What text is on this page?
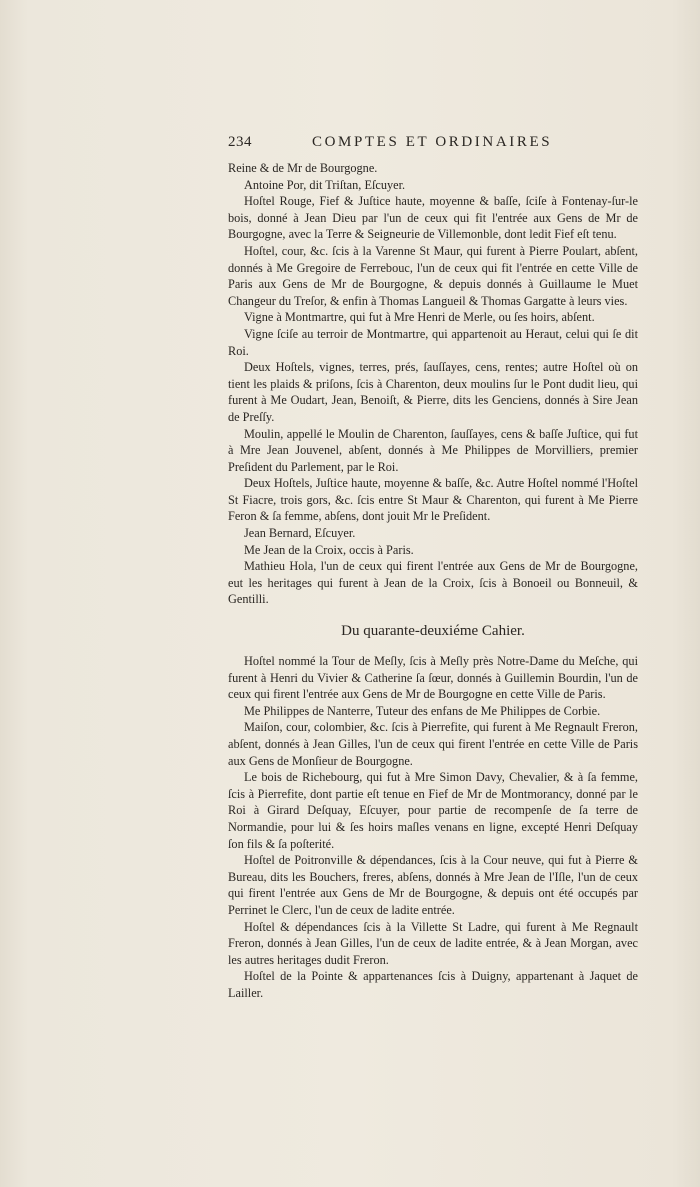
234	COMPTES ET ORDINAIRES

Reine & de Mr de Bourgogne.

Antoine Por, dit Triſtan, Eſcuyer.

Hoſtel Rouge, Fief & Juſtice haute, moyenne & baſſe, ſciſe à Fontenay-ſur-le bois, donné à Jean Dieu par l'un de ceux qui fit l'entrée aux Gens de Mr de Bourgogne, avec la Terre & Seigneurie de Villemonble, dont ledit Fief eſt tenu.

Hoſtel, cour, &c. ſcis à la Varenne St Maur, qui furent à Pierre Poulart, abſent, donnés à Me Gregoire de Ferrebouc, l'un de ceux qui fit l'entrée en cette Ville de Paris aux Gens de Mr de Bourgogne, & depuis donnés à Guillaume le Muet Changeur du Treſor, & enfin à Thomas Langueil & Thomas Gargatte à leurs vies.

Vigne à Montmartre, qui fut à Mre Henri de Merle, ou ſes hoirs, abſent.

Vigne ſciſe au terroir de Montmartre, qui appartenoit au Heraut, celui qui ſe dit Roi.

Deux Hoſtels, vignes, terres, prés, ſauſſayes, cens, rentes; autre Hoſtel où on tient les plaids & priſons, ſcis à Charenton, deux moulins ſur le Pont dudit lieu, qui furent à Me Oudart, Jean, Benoiſt, & Pierre, dits les Genciens, donnés à Sire Jean de Preſſy.

Moulin, appellé le Moulin de Charenton, ſauſſayes, cens & baſſe Juſtice, qui fut à Mre Jean Jouvenel, abſent, donnés à Me Philippes de Morvilliers, premier Preſident du Parlement, par le Roi.

Deux Hoſtels, Juſtice haute, moyenne & baſſe, &c. Autre Hoſtel nommé l'Hoſtel St Fiacre, trois gors, &c. ſcis entre St Maur & Charenton, qui furent à Me Pierre Feron & ſa femme, abſens, dont jouit Mr le Preſident.

Jean Bernard, Eſcuyer.

Me Jean de la Croix, occis à Paris.

Mathieu Hola, l'un de ceux qui firent l'entrée aux Gens de Mr de Bourgogne, eut les heritages qui furent à Jean de la Croix, ſcis à Bonoeil ou Bonneuil, & Gentilli.

Du quarante-deuxiéme Cahier.

Hoſtel nommé la Tour de Meſly, ſcis à Meſly près Notre-Dame du Meſche, qui furent à Henri du Vivier & Catherine ſa ſœur, donnés à Guillemin Bourdin, l'un de ceux qui firent l'entrée aux Gens de Mr de Bourgogne en cette Ville de Paris.

Me Philippes de Nanterre, Tuteur des enfans de Me Philippes de Corbie.

Maiſon, cour, colombier, &c. ſcis à Pierrefite, qui furent à Me Regnault Freron, abſent, donnés à Jean Gilles, l'un de ceux qui firent l'entrée en cette Ville de Paris aux Gens de Monſieur de Bourgogne.

Le bois de Richebourg, qui fut à Mre Simon Davy, Chevalier, & à ſa femme, ſcis à Pierrefite, dont partie eſt tenue en Fief de Mr de Montmorancy, donné par le Roi à Girard Deſquay, Eſcuyer, pour partie de recompenſe de ſa terre de Normandie, pour lui & ſes hoirs maſles venans en ligne, excepté Henri Deſquay ſon fils & ſa poſterité.

Hoſtel de Poitronville & dépendances, ſcis à la Cour neuve, qui fut à Pierre & Bureau, dits les Bouchers, freres, abſens, donnés à Mre Jean de l'Iſle, l'un de ceux qui firent l'entrée aux Gens de Mr de Bourgogne, & depuis ont été occupés par Perrinet le Clerc, l'un de ceux de ladite entrée.

Hoſtel & dépendances ſcis à la Villette St Ladre, qui furent à Me Regnault Freron, donnés à Jean Gilles, l'un de ceux de ladite entrée, & à Jean Morgan, avec les autres heritages dudit Freron.

Hoſtel de la Pointe & appartenances ſcis à Duigny, appartenant à Jaquet de Lailler.
